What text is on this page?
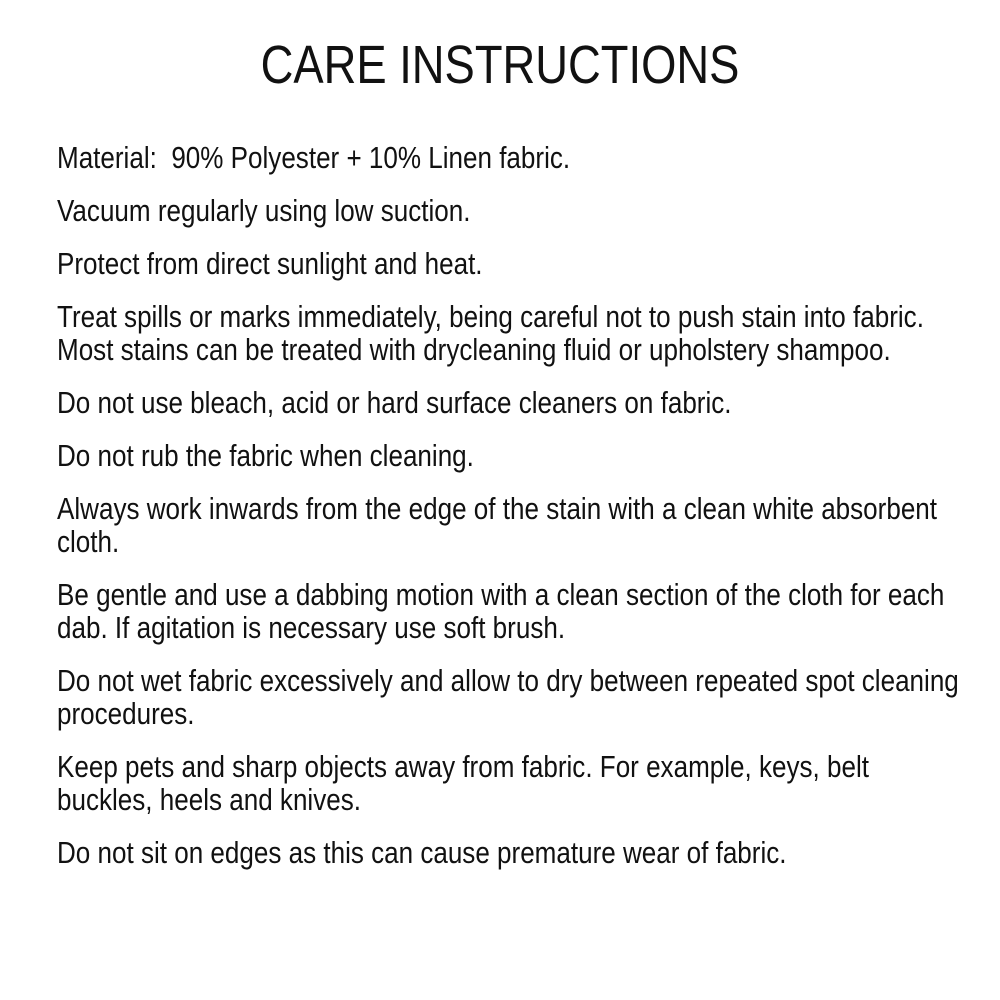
CARE INSTRUCTIONS

Material:  90% Polyester + 10% Linen fabric.

Vacuum regularly using low suction.

Protect from direct sunlight and heat.

Treat spills or marks immediately, being careful not to push stain into fabric. Most stains can be treated with drycleaning fluid or upholstery shampoo.

Do not use bleach, acid or hard surface cleaners on fabric.

Do not rub the fabric when cleaning.

Always work inwards from the edge of the stain with a clean white absorbent cloth.

Be gentle and use a dabbing motion with a clean section of the cloth for each dab. If agitation is necessary use soft brush.

Do not wet fabric excessively and allow to dry between repeated spot cleaning procedures.

Keep pets and sharp objects away from fabric. For example, keys, belt buckles, heels and knives.

Do not sit on edges as this can cause premature wear of fabric.
